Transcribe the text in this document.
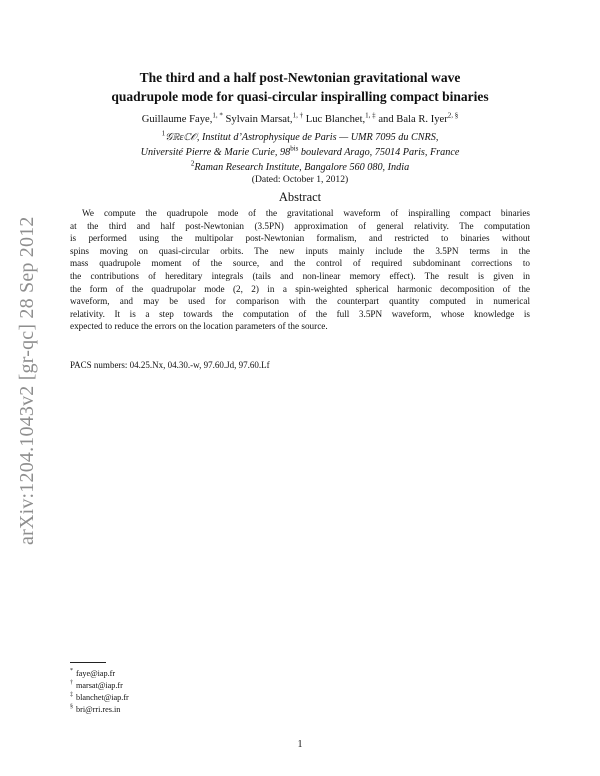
arXiv:1204.1043v2 [gr-qc] 28 Sep 2012
The third and a half post-Newtonian gravitational wave
quadrupole mode for quasi-circular inspiralling compact binaries
Guillaume Faye,$^{1, *}$ Sylvain Marsat,$^{1, \dagger}$ Luc Blanchet,$^{1, \ddagger}$ and Bala R. Iyer$^{2, \S}$
$^1$𝒢ℝεℂ𝒪, Institut d’Astrophysique de Paris — UMR 7095 du CNRS,
Université Pierre & Marie Curie, $98^{bis}$ boulevard Arago, 75014 Paris, France
$^2$Raman Research Institute, Bangalore 560 080, India
(Dated: October 1, 2012)
Abstract
We compute the quadrupole mode of the gravitational waveform of inspiralling compact binaries
at the third and half post-Newtonian (3.5PN) approximation of general relativity. The computation
is performed using the multipolar post-Newtonian formalism, and restricted to binaries without
spins moving on quasi-circular orbits. The new inputs mainly include the 3.5PN terms in the
mass quadrupole moment of the source, and the control of required subdominant corrections to
the contributions of hereditary integrals (tails and non-linear memory effect). The result is given in
the form of the quadrupolar mode (2, 2) in a spin-weighted spherical harmonic decomposition of the
waveform, and may be used for comparison with the counterpart quantity computed in numerical
relativity. It is a step towards the computation of the full 3.5PN waveform, whose knowledge is
expected to reduce the errors on the location parameters of the source.
PACS numbers: 04.25.Nx, 04.30.-w, 97.60.Jd, 97.60.Lf
* faye@iap.fr
† marsat@iap.fr
‡ blanchet@iap.fr
§ bri@rri.res.in
1
